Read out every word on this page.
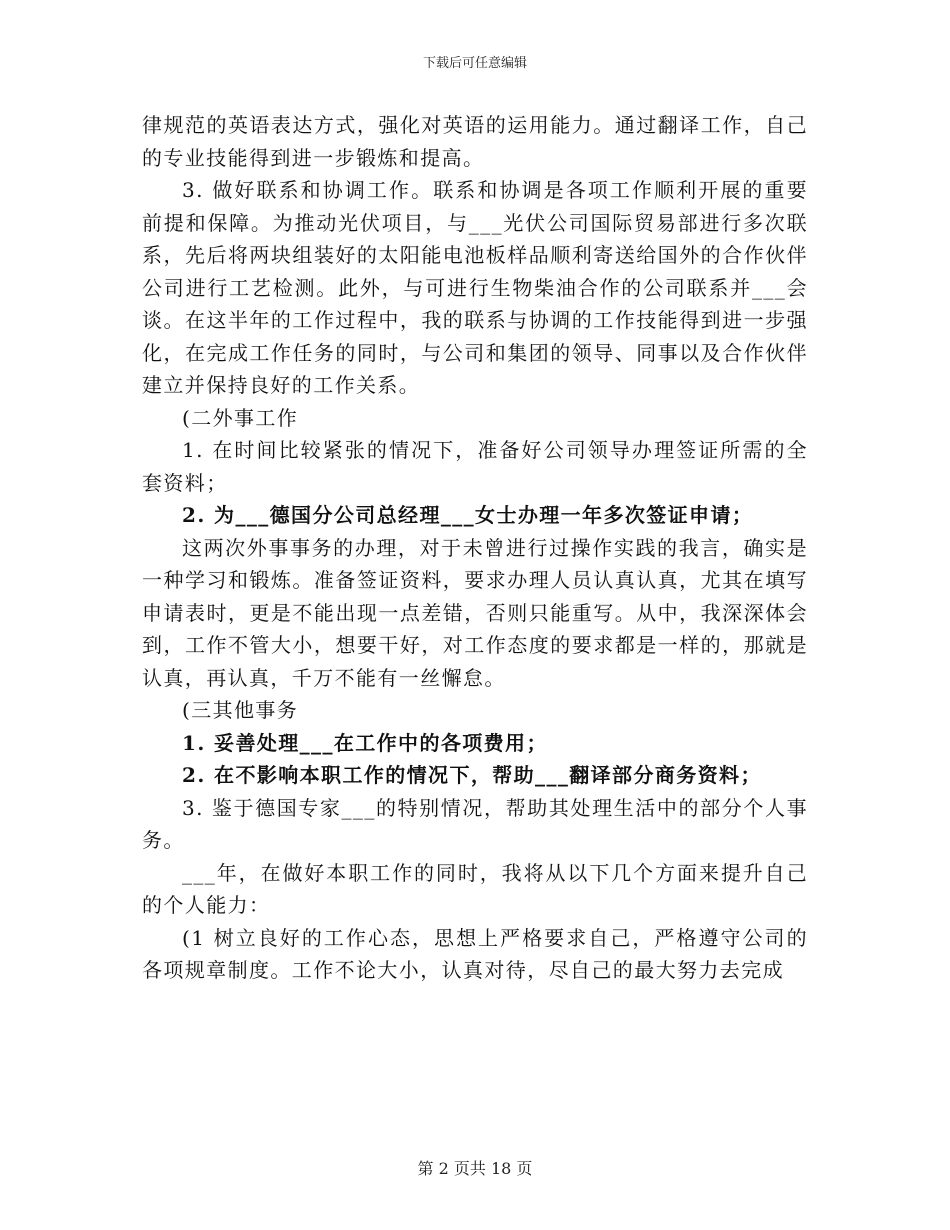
下载后可任意编辑

律规范的英语表达方式，强化对英语的运用能力。通过翻译工作，自己的专业技能得到进一步锻炼和提高。

3. 做好联系和协调工作。联系和协调是各项工作顺利开展的重要前提和保障。为推动光伏项目，与___光伏公司国际贸易部进行多次联系，先后将两块组装好的太阳能电池板样品顺利寄送给国外的合作伙伴公司进行工艺检测。此外，与可进行生物柴油合作的公司联系并___会谈。在这半年的工作过程中，我的联系与协调的工作技能得到进一步强化，在完成工作任务的同时，与公司和集团的领导、同事以及合作伙伴建立并保持良好的工作关系。

(二外事工作

1. 在时间比较紧张的情况下，准备好公司领导办理签证所需的全套资料；

2. 为___德国分公司总经理___女士办理一年多次签证申请；

这两次外事事务的办理，对于未曾进行过操作实践的我言，确实是一种学习和锻炼。准备签证资料，要求办理人员认真认真，尤其在填写申请表时，更是不能出现一点差错，否则只能重写。从中，我深深体会到，工作不管大小，想要干好，对工作态度的要求都是一样的，那就是认真，再认真，千万不能有一丝懈怠。

(三其他事务

1. 妥善处理___在工作中的各项费用；

2. 在不影响本职工作的情况下，帮助___翻译部分商务资料；

3. 鉴于德国专家___的特别情况，帮助其处理生活中的部分个人事务。

___年，在做好本职工作的同时，我将从以下几个方面来提升自己的个人能力：

(1 树立良好的工作心态，思想上严格要求自己，严格遵守公司的各项规章制度。工作不论大小，认真对待，尽自己的最大努力去完成

第 2 页共 18 页
